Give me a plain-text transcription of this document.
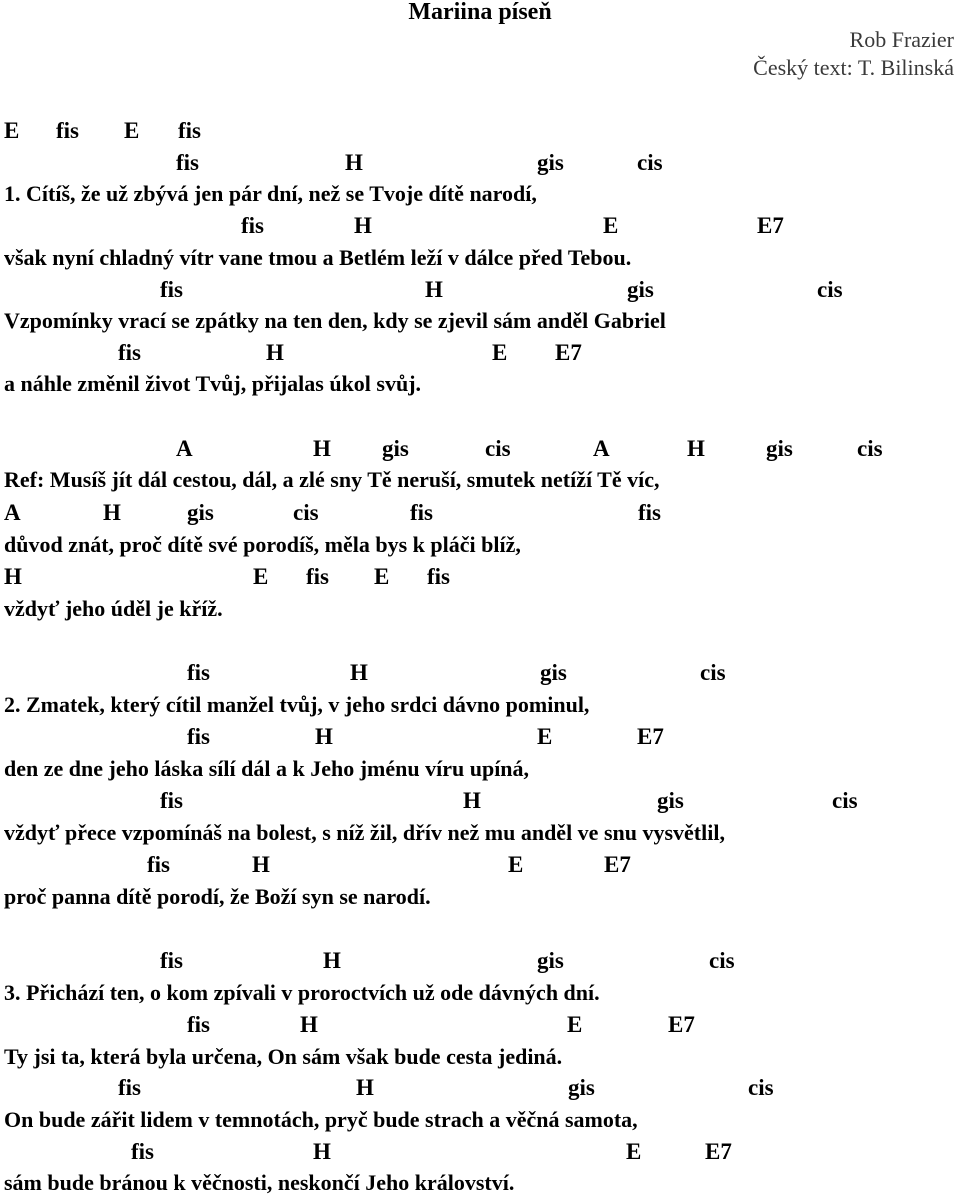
Mariina píseň
Rob Frazier
Český text: T. Bilinská
E fis E fis
fis	H	gis	cis
1. Cítíš, že už zbývá jen pár dní, než se Tvoje dítě narodí,
fis	H	E	E7
však nyní chladný vítr vane tmou a Betlém leží v dálce před Tebou.
fis	H	gis	cis
Vzpomínky vrací se zpátky na ten den, kdy se zjevil sám anděl Gabriel
fis	H	E E7
a náhle změnil život Tvůj, přijalas úkol svůj.
A	H gis	cis	A	H	gis	cis
Ref: Musíš jít dál cestou, dál, a zlé sny Tě neruší, smutek netíží Tě víc,
A	H	gis	cis	fis	fis
důvod znát, proč dítě své porodíš, měla bys k pláči blíž,
H	E fis E fis
vždyť jeho úděl je kříž.
fis	H	gis	cis
2. Zmatek, který cítil manžel tvůj, v jeho srdci dávno pominul,
fis	H	E	E7
den ze dne jeho láska sílí dál a k Jeho jménu víru upíná,
fis	H	gis	cis
vždyť přece vzpomínáš na bolest, s níž žil, dřív než mu anděl ve snu vysvětlil,
fis	H	E	E7
proč panna dítě porodí, že Boží syn se narodí.
fis	H	gis	cis
3. Přichází ten, o kom zpívali v proroctvích už ode dávných dní.
fis	H	E	E7
Ty jsi ta, která byla určena, On sám však bude cesta jediná.
fis	H	gis	cis
On bude zářit lidem v temnotách, pryč bude strach a věčná samota,
fis	H	E	E7
sám bude bránou k věčnosti, neskončí Jeho království.
